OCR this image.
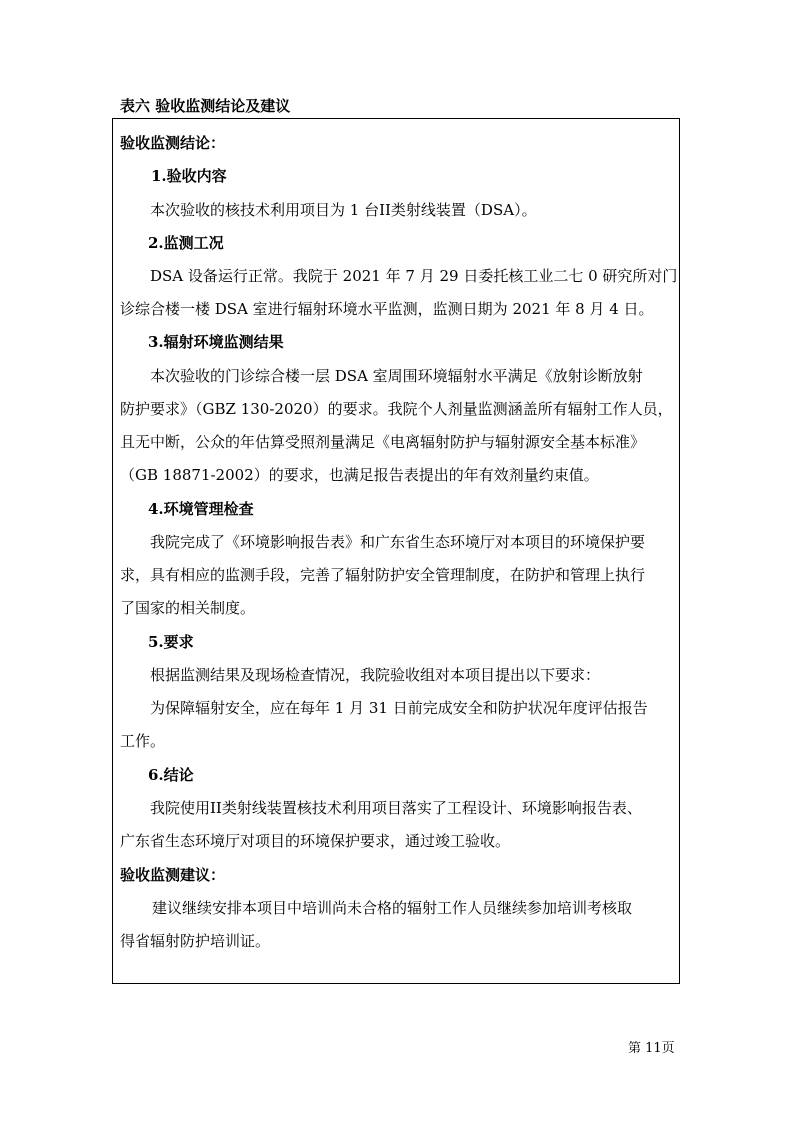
表六 验收监测结论及建议
验收监测结论：
1.验收内容
本次验收的核技术利用项目为 1 台II类射线装置（DSA）。
2.监测工况
DSA 设备运行正常。我院于 2021 年 7 月 29 日委托核工业二七 0 研究所对门
诊综合楼一楼 DSA 室进行辐射环境水平监测，监测日期为 2021 年 8 月 4 日。
3.辐射环境监测结果
本次验收的门诊综合楼一层 DSA 室周围环境辐射水平满足《放射诊断放射
防护要求》（GBZ 130-2020）的要求。我院个人剂量监测涵盖所有辐射工作人员，
且无中断，公众的年估算受照剂量满足《电离辐射防护与辐射源安全基本标准》
（GB 18871-2002）的要求，也满足报告表提出的年有效剂量约束值。
4.环境管理检查
我院完成了《环境影响报告表》和广东省生态环境厅对本项目的环境保护要
求，具有相应的监测手段，完善了辐射防护安全管理制度，在防护和管理上执行
了国家的相关制度。
5.要求
根据监测结果及现场检查情况，我院验收组对本项目提出以下要求：
为保障辐射安全，应在每年 1 月 31 日前完成安全和防护状况年度评估报告
工作。
6.结论
我院使用II类射线装置核技术利用项目落实了工程设计、环境影响报告表、
广东省生态环境厅对项目的环境保护要求，通过竣工验收。
验收监测建议：
建议继续安排本项目中培训尚未合格的辐射工作人员继续参加培训考核取
得省辐射防护培训证。
第 11页
